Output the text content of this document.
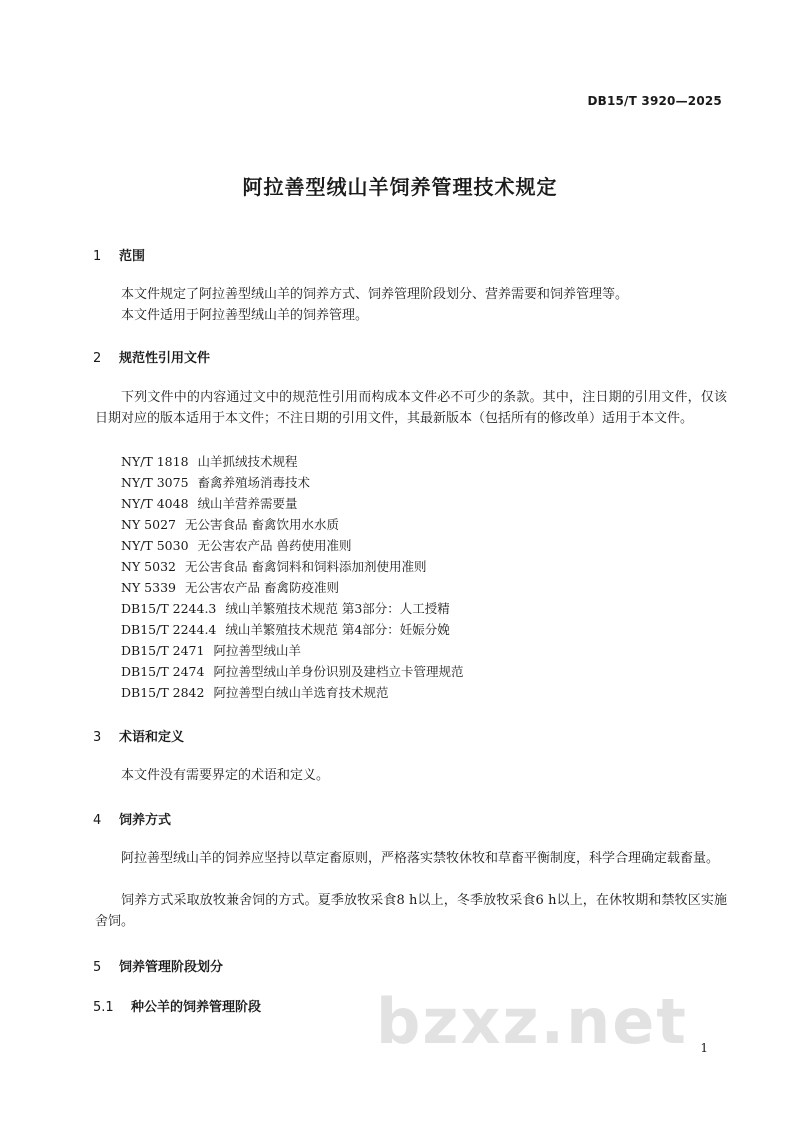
DB15/T 3920—2025
阿拉善型绒山羊饲养管理技术规定
1 范围
本文件规定了阿拉善型绒山羊的饲养方式、饲养管理阶段划分、营养需要和饲养管理等。
本文件适用于阿拉善型绒山羊的饲养管理。
2 规范性引用文件
下列文件中的内容通过文中的规范性引用而构成本文件必不可少的条款。其中，注日期的引用文件，仅该日期对应的版本适用于本文件；不注日期的引用文件，其最新版本（包括所有的修改单）适用于本文件。
NY/T 1818 山羊抓绒技术规程
NY/T 3075 畜禽养殖场消毒技术
NY/T 4048 绒山羊营养需要量
NY 5027 无公害食品 畜禽饮用水水质
NY/T 5030 无公害农产品 兽药使用准则
NY 5032 无公害食品 畜禽饲料和饲料添加剂使用准则
NY 5339 无公害农产品 畜禽防疫准则
DB15/T 2244.3 绒山羊繁殖技术规范 第3部分：人工授精
DB15/T 2244.4 绒山羊繁殖技术规范 第4部分：妊娠分娩
DB15/T 2471 阿拉善型绒山羊
DB15/T 2474 阿拉善型绒山羊身份识别及建档立卡管理规范
DB15/T 2842 阿拉善型白绒山羊选育技术规范
3 术语和定义
本文件没有需要界定的术语和定义。
4 饲养方式
阿拉善型绒山羊的饲养应坚持以草定畜原则，严格落实禁牧休牧和草畜平衡制度，科学合理确定载畜量。
饲养方式采取放牧兼舍饲的方式。夏季放牧采食8 h以上，冬季放牧采食6 h以上，在休牧期和禁牧区实施舍饲。
5 饲养管理阶段划分
5.1 种公羊的饲养管理阶段 bzxz.net 1
